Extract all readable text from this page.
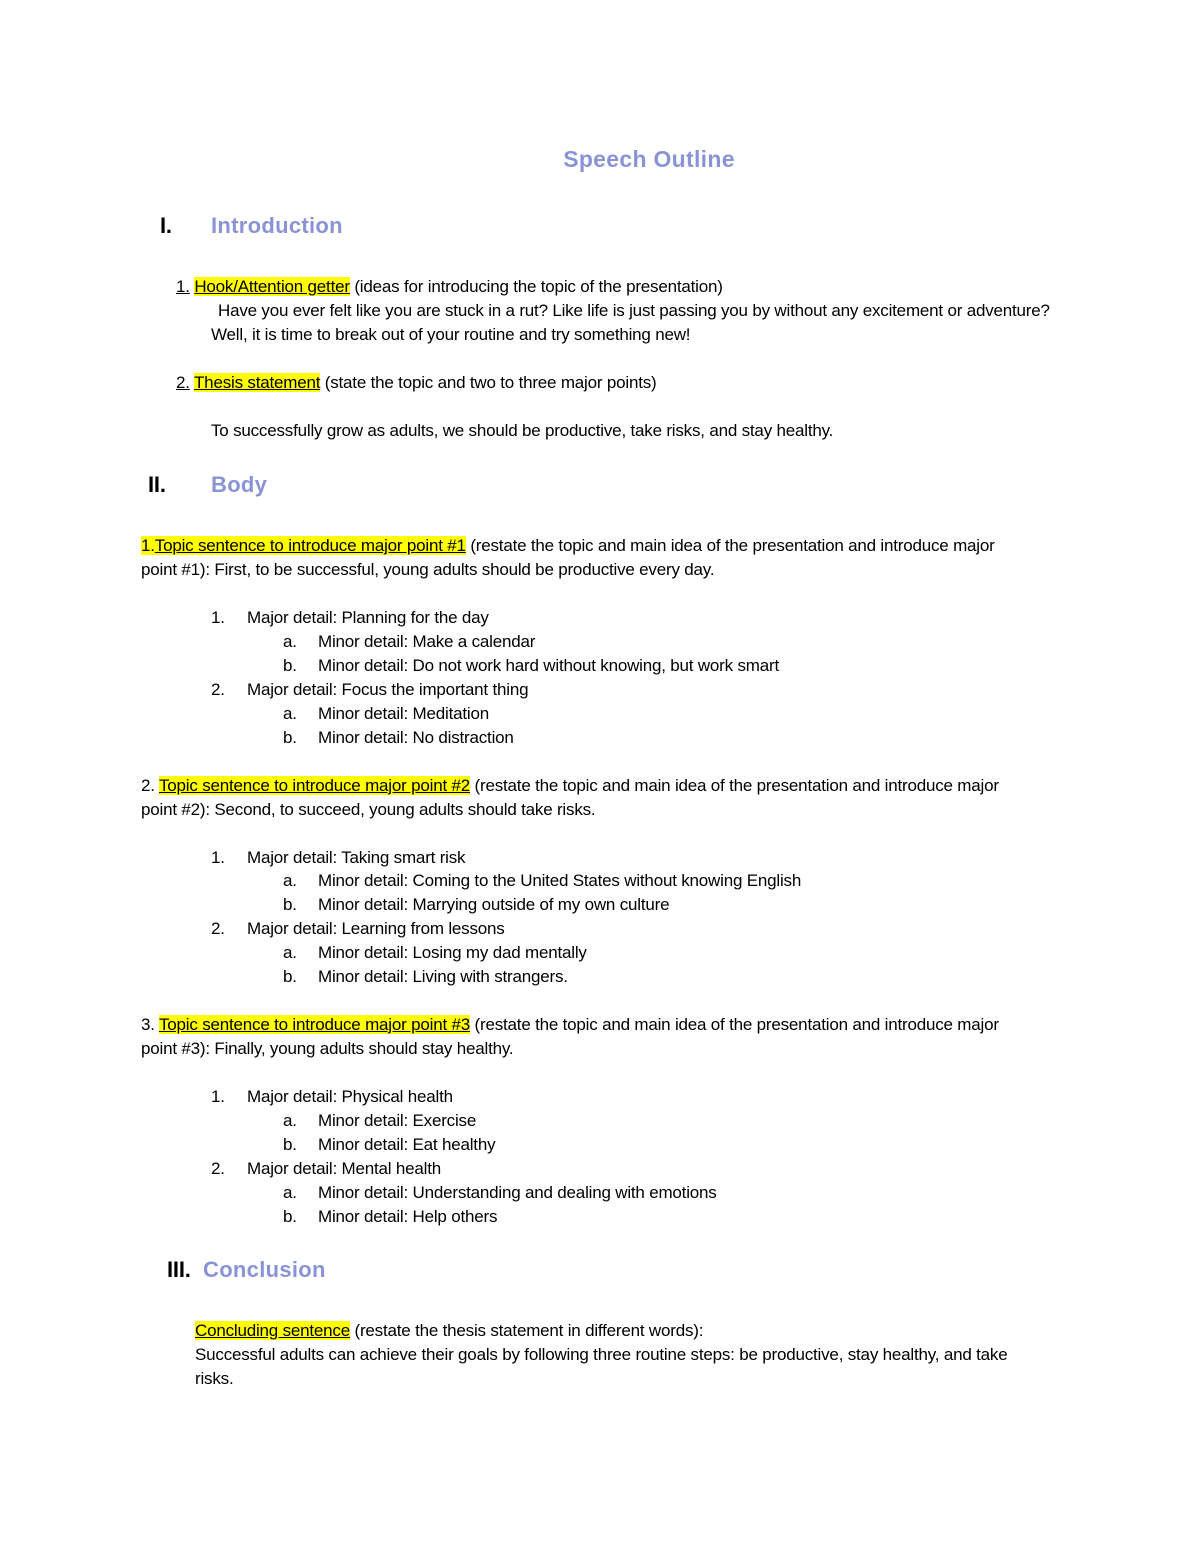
Speech Outline
I. Introduction
1. Hook/Attention getter (ideas for introducing the topic of the presentation)
Have you ever felt like you are stuck in a rut? Like life is just passing you by without any excitement or adventure?
Well, it is time to break out of your routine and try something new!
2. Thesis statement (state the topic and two to three major points)
To successfully grow as adults, we should be productive, take risks, and stay healthy.
II. Body
1.Topic sentence to introduce major point #1 (restate the topic and main idea of the presentation and introduce major
point #1): First, to be successful, young adults should be productive every day.
1. Major detail: Planning for the day
a. Minor detail: Make a calendar
b. Minor detail: Do not work hard without knowing, but work smart
2. Major detail: Focus the important thing
a. Minor detail: Meditation
b. Minor detail: No distraction
2. Topic sentence to introduce major point #2 (restate the topic and main idea of the presentation and introduce major
point #2): Second, to succeed, young adults should take risks.
1. Major detail: Taking smart risk
a. Minor detail: Coming to the United States without knowing English
b. Minor detail: Marrying outside of my own culture
2. Major detail: Learning from lessons
a. Minor detail: Losing my dad mentally
b. Minor detail: Living with strangers.
3. Topic sentence to introduce major point #3 (restate the topic and main idea of the presentation and introduce major
point #3): Finally, young adults should stay healthy.
1. Major detail: Physical health
a. Minor detail: Exercise
b. Minor detail: Eat healthy
2. Major detail: Mental health
a. Minor detail: Understanding and dealing with emotions
b. Minor detail: Help others
III. Conclusion
Concluding sentence (restate the thesis statement in different words):
Successful adults can achieve their goals by following three routine steps: be productive, stay healthy, and take
risks.
